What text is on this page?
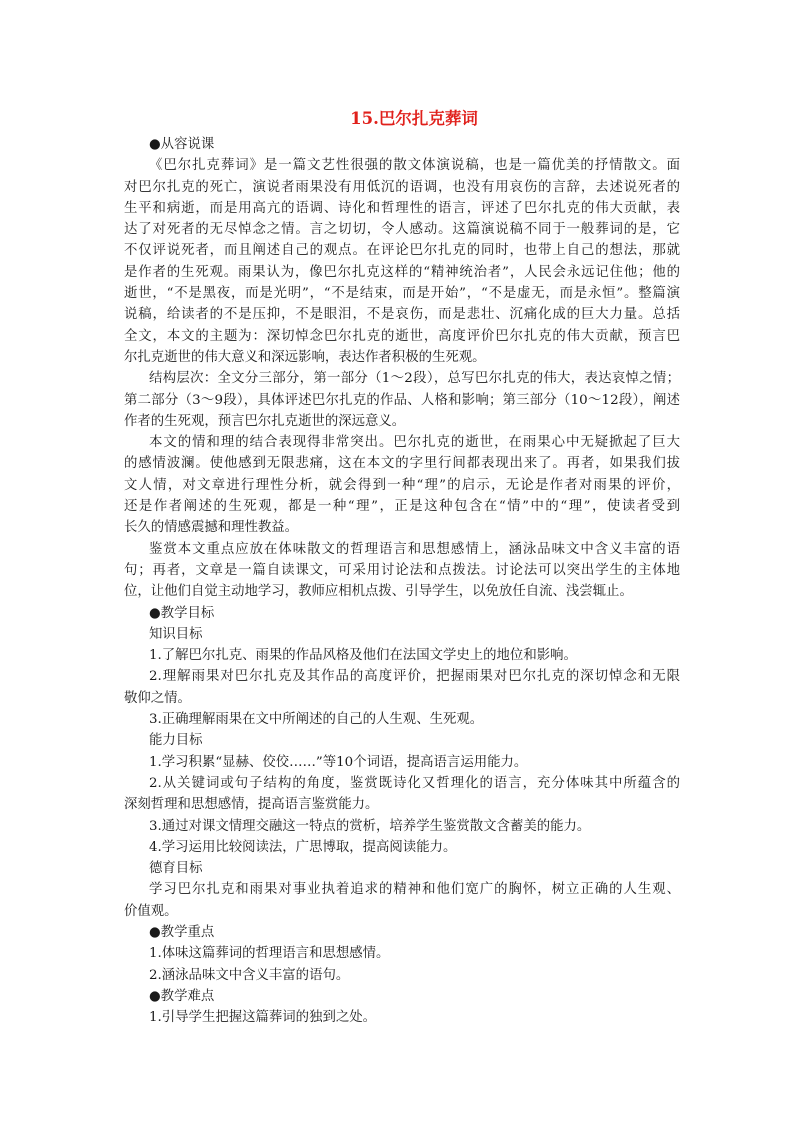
15.巴尔扎克葬词

●从容说课

《巴尔扎克葬词》是一篇文艺性很强的散文体演说稿，也是一篇优美的抒情散文。面

对巴尔扎克的死亡，演说者雨果没有用低沉的语调，也没有用哀伤的言辞，去述说死者的

生平和病逝，而是用高亢的语调、诗化和哲理性的语言，评述了巴尔扎克的伟大贡献，表

达了对死者的无尽悼念之情。言之切切，令人感动。这篇演说稿不同于一般葬词的是，它

不仅评说死者，而且阐述自己的观点。在评论巴尔扎克的同时，也带上自己的想法，那就

是作者的生死观。雨果认为，像巴尔扎克这样的“精神统治者”，人民会永远记住他；他的

逝世，“不是黑夜，而是光明”，“不是结束，而是开始”，“不是虚无，而是永恒”。整篇演

说稿，给读者的不是压抑，不是眼泪，不是哀伤，而是悲壮、沉痛化成的巨大力量。总括

全文，本文的主题为：深切悼念巴尔扎克的逝世，高度评价巴尔扎克的伟大贡献，预言巴

尔扎克逝世的伟大意义和深远影响，表达作者积极的生死观。

结构层次：全文分三部分，第一部分（1～2段），总写巴尔扎克的伟大，表达哀悼之情；

第二部分（3～9段），具体评述巴尔扎克的作品、人格和影响；第三部分（10～12段），阐述

作者的生死观，预言巴尔扎克逝世的深远意义。

本文的情和理的结合表现得非常突出。巴尔扎克的逝世，在雨果心中无疑掀起了巨大

的感情波澜。使他感到无限悲痛，这在本文的字里行间都表现出来了。再者，如果我们拔

文人情，对文章进行理性分析，就会得到一种“理”的启示，无论是作者对雨果的评价，

还是作者阐述的生死观，都是一种“理”，正是这种包含在“情”中的“理”，使读者受到

长久的情感震撼和理性教益。

鉴赏本文重点应放在体味散文的哲理语言和思想感情上，涵泳品味文中含义丰富的语

句；再者，文章是一篇自读课文，可采用讨论法和点拨法。讨论法可以突出学生的主体地

位，让他们自觉主动地学习，教师应相机点拨、引导学生，以免放任自流、浅尝辄止。

●教学目标

知识目标

1.了解巴尔扎克、雨果的作品风格及他们在法国文学史上的地位和影响。

2.理解雨果对巴尔扎克及其作品的高度评价，把握雨果对巴尔扎克的深切悼念和无限

敬仰之情。

3.正确理解雨果在文中所阐述的自己的人生观、生死观。

能力目标

1.学习积累“显赫、佼佼……”等10个词语，提高语言运用能力。

2.从关键词或句子结构的角度，鉴赏既诗化又哲理化的语言，充分体味其中所蕴含的

深刻哲理和思想感情，提高语言鉴赏能力。

3.通过对课文情理交融这一特点的赏析，培养学生鉴赏散文含蓄美的能力。

4.学习运用比较阅读法，广思博取，提高阅读能力。

德育目标

学习巴尔扎克和雨果对事业执着追求的精神和他们宽广的胸怀，树立正确的人生观、

价值观。

●教学重点

1.体味这篇葬词的哲理语言和思想感情。

2.涵泳品味文中含义丰富的语句。

●教学难点

1.引导学生把握这篇葬词的独到之处。
